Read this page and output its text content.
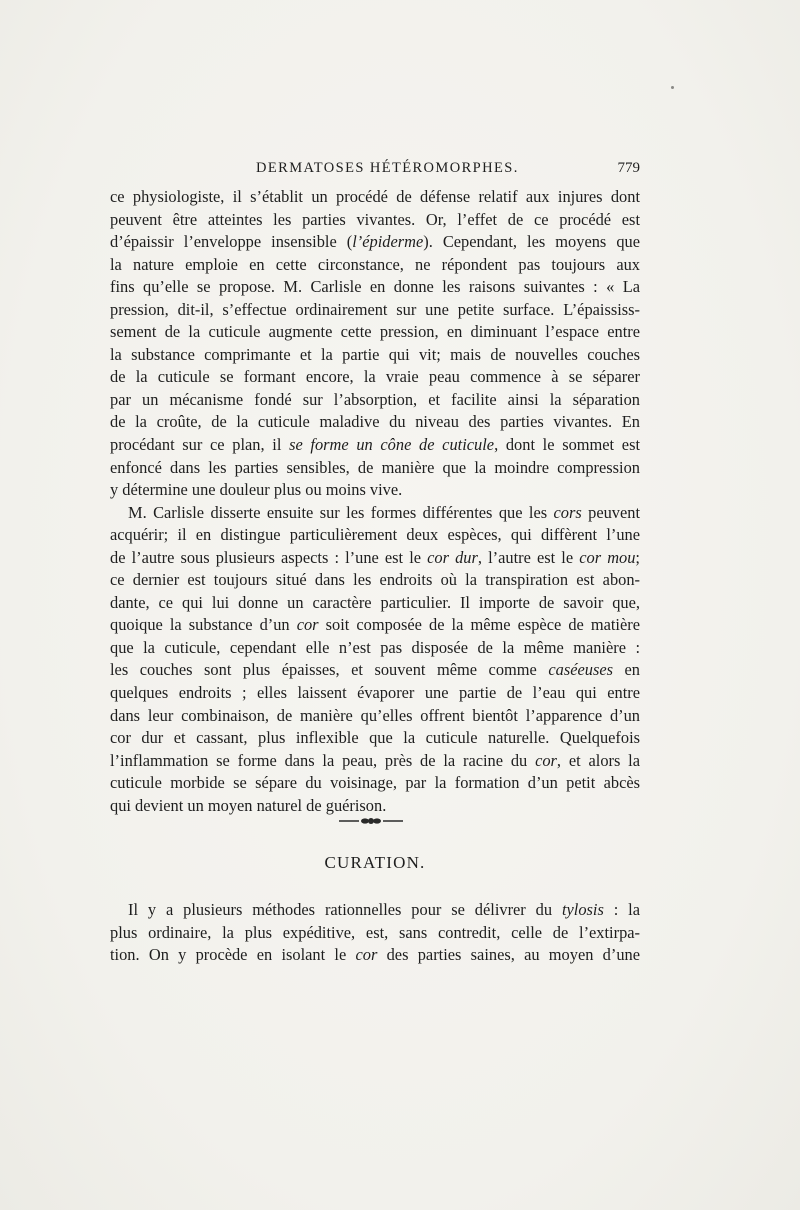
DERMATOSES HÉTÉROMORPHES.	779
ce physiologiste, il s’établit un procédé de défense relatif aux injures dont
peuvent être atteintes les parties vivantes. Or, l’effet de ce procédé est
d’épaissir l’enveloppe insensible (l’épiderme). Cependant, les moyens que
la nature emploie en cette circonstance, ne répondent pas toujours aux
fins qu’elle se propose. M. Carlisle en donne les raisons suivantes : « La
pression, dit-il, s’effectue ordinairement sur une petite surface. L’épaississ-
sement de la cuticule augmente cette pression, en diminuant l’espace entre
la substance comprimante et la partie qui vit; mais de nouvelles couches
de la cuticule se formant encore, la vraie peau commence à se séparer
par un mécanisme fondé sur l’absorption, et facilite ainsi la séparation
de la croûte, de la cuticule maladive du niveau des parties vivantes. En
procédant sur ce plan, il se forme un cône de cuticule, dont le sommet est
enfoncé dans les parties sensibles, de manière que la moindre compression
y détermine une douleur plus ou moins vive.
M. Carlisle disserte ensuite sur les formes différentes que les cors peuvent
acquérir; il en distingue particulièrement deux espèces, qui diffèrent l’une
de l’autre sous plusieurs aspects : l’une est le cor dur, l’autre est le cor mou;
ce dernier est toujours situé dans les endroits où la transpiration est abon-
dante, ce qui lui donne un caractère particulier. Il importe de savoir que,
quoique la substance d’un cor soit composée de la même espèce de matière
que la cuticule, cependant elle n’est pas disposée de la même manière :
les couches sont plus épaisses, et souvent même comme caséeuses en
quelques endroits ; elles laissent évaporer une partie de l’eau qui entre
dans leur combinaison, de manière qu’elles offrent bientôt l’apparence d’un
cor dur et cassant, plus inflexible que la cuticule naturelle. Quelquefois
l’inflammation se forme dans la peau, près de la racine du cor, et alors la
cuticule morbide se sépare du voisinage, par la formation d’un petit abcès
qui devient un moyen naturel de guérison.
CURATION.
Il y a plusieurs méthodes rationnelles pour se délivrer du tylosis : la
plus ordinaire, la plus expéditive, est, sans contredit, celle de l’extirpa-
tion. On y procède en isolant le cor des parties saines, au moyen d’une
